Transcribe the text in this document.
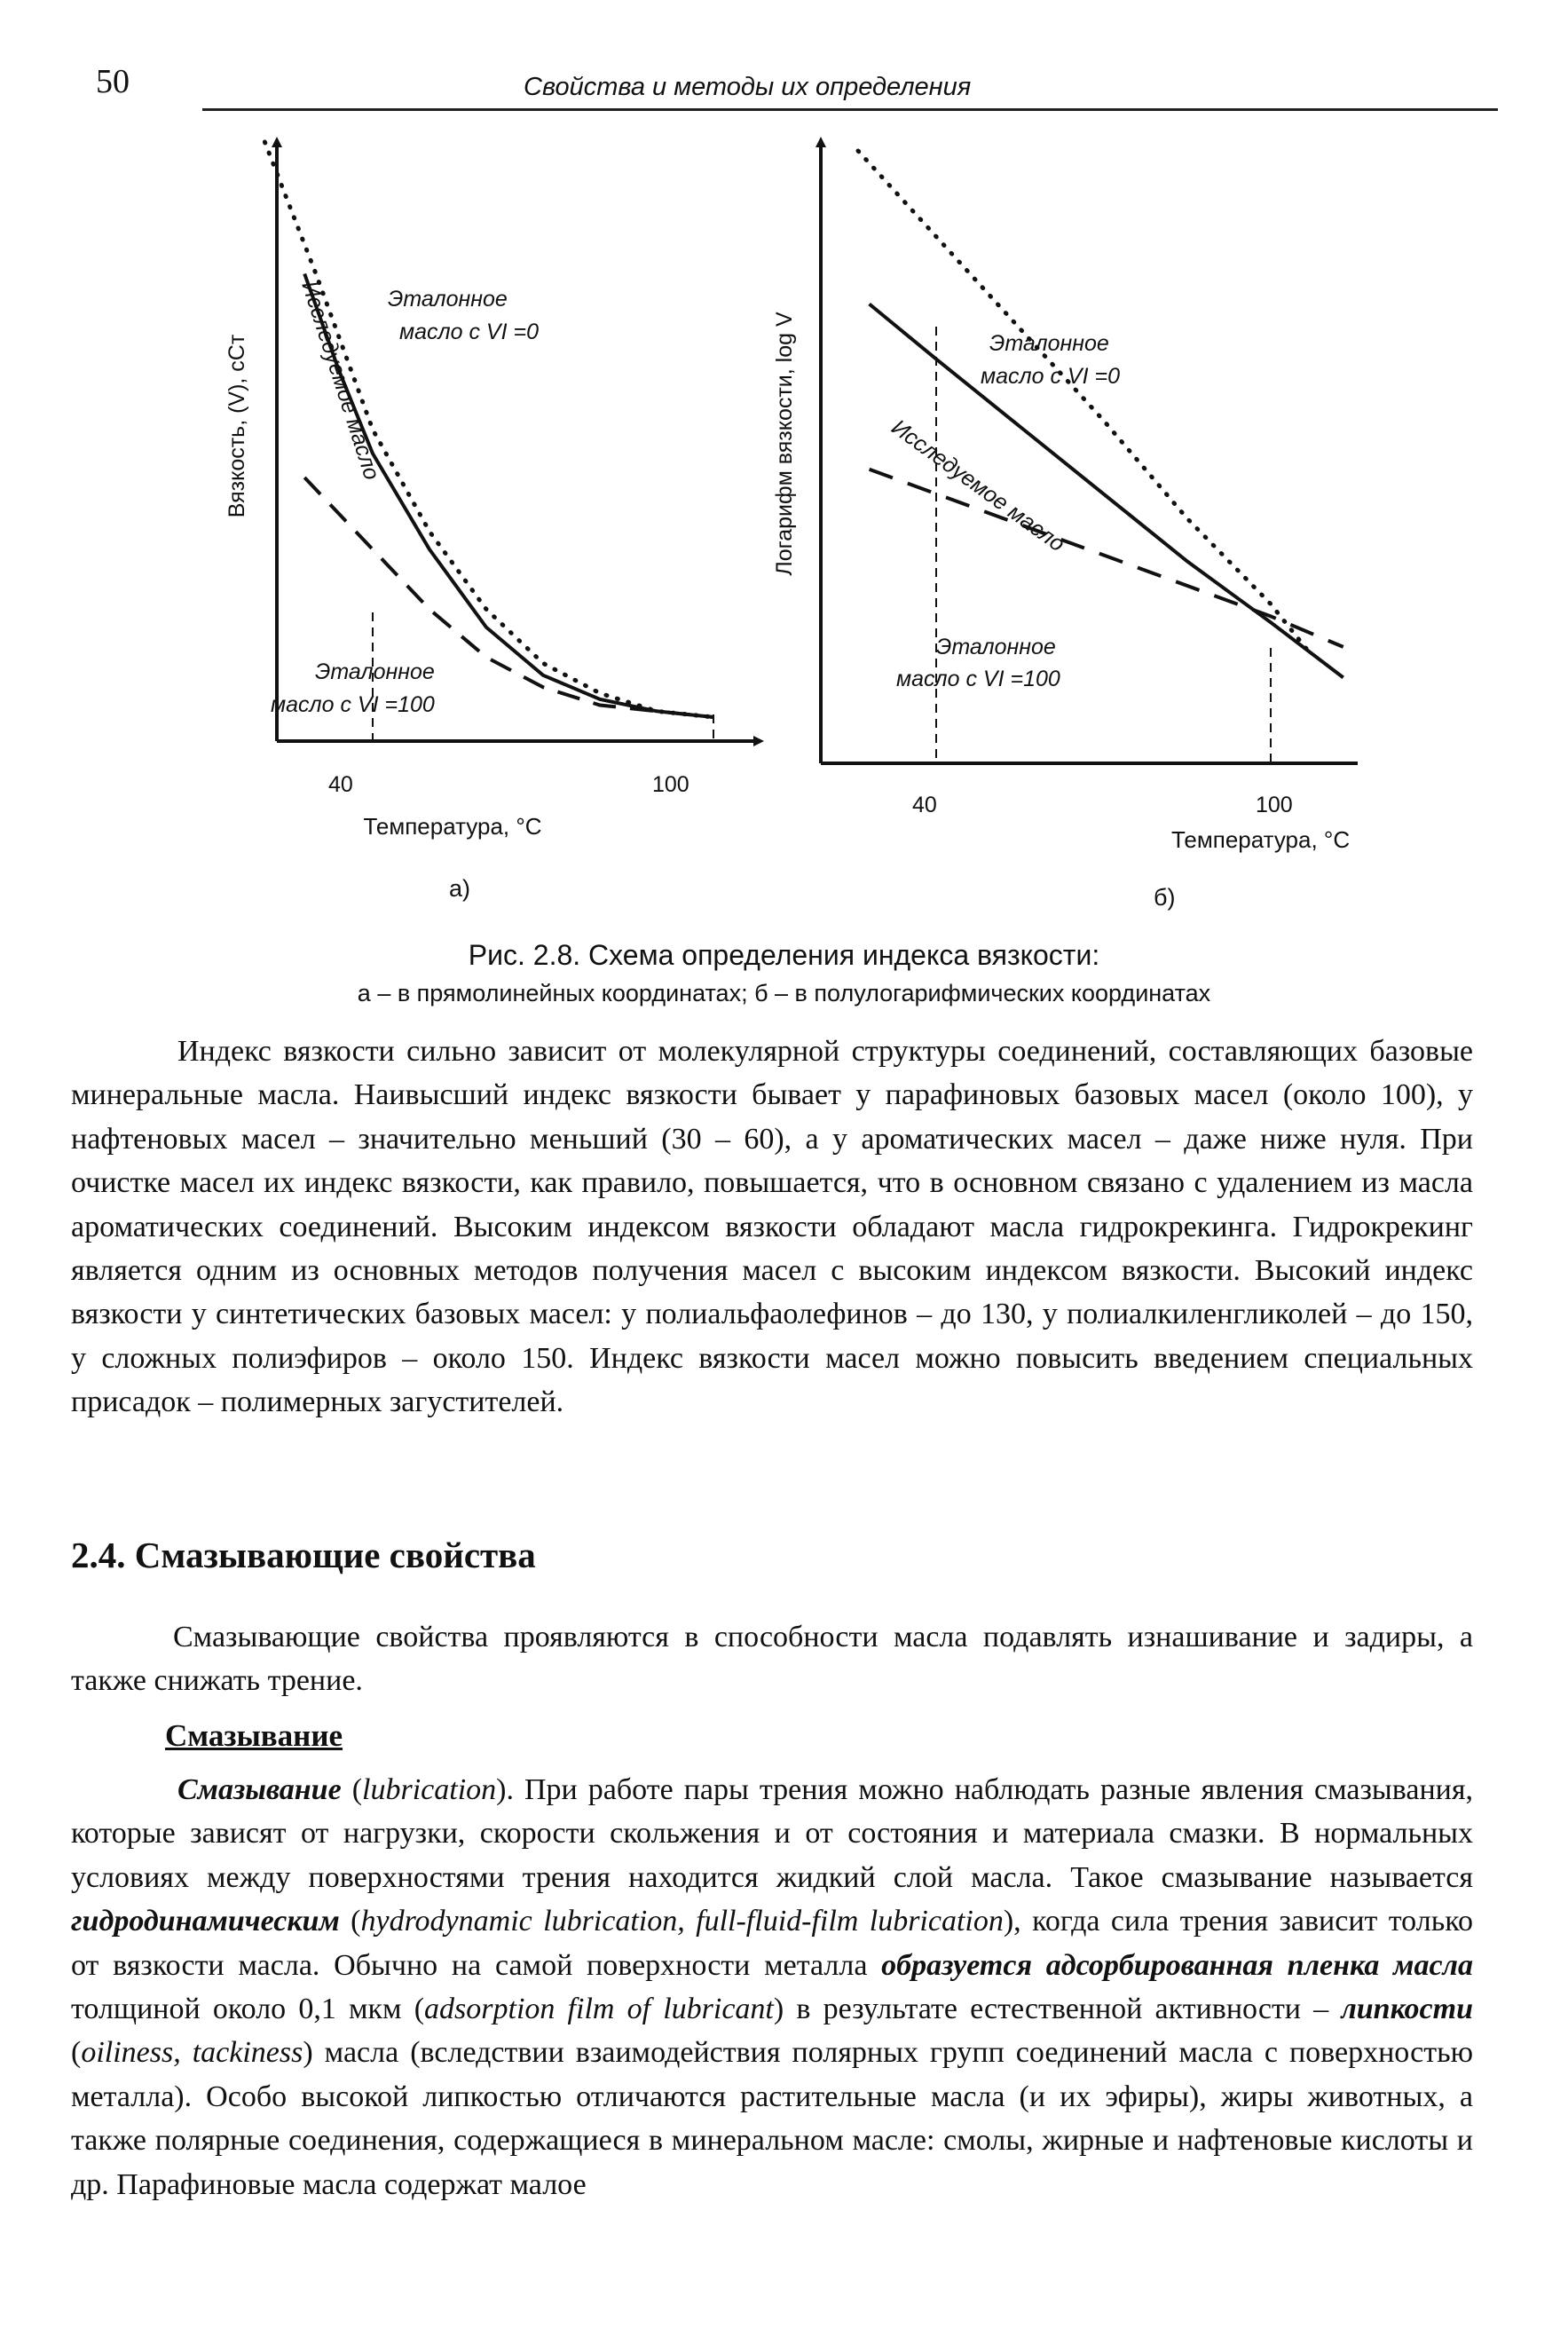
50	Свойства и методы их определения
Вязкость, (V), сСт
Эталонное
масло с VI =0
Исследуемое масло
Эталонное
масло с VI =100
40	100
Температура, °С
а)
Логарифм вязкости, log V	Эталонное
масло с VI =0
Исследуемое масло
Эталонное
масло с VI =100
40	100
Температура, °С
б)
Рис. 2.8. Схема определения индекса вязкости:
а – в прямолинейных координатах; б – в полулогарифмических координатах
Индекс вязкости сильно зависит от молекулярной структуры соединений, составляющих базовые минеральные масла. Наивысший индекс вязкости бывает у парафиновых базовых масел (около 100), у нафтеновых масел – значительно меньший (30 – 60), а у ароматических масел – даже ниже нуля. При очистке масел их индекс вязкости, как правило, повышается, что в основном связано с удалением из масла ароматических соединений. Высоким индексом вязкости обладают масла гидрокрекинга. Гидрокрекинг является одним из основных методов получения масел с высоким индексом вязкости. Высокий индекс вязкости у синтетических базовых масел: у полиальфаолефинов – до 130, у полиалкиленгликолей – до 150, у сложных полиэфиров – около 150. Индекс вязкости масел можно повысить введением специальных присадок – полимерных загустителей.
2.4. Смазывающие свойства
Смазывающие свойства проявляются в способности масла подавлять изнашивание и задиры, а также снижать трение.
Смазывание
Смазывание (lubrication). При работе пары трения можно наблюдать разные явления смазывания, которые зависят от нагрузки, скорости скольжения и от состояния и материала смазки. В нормальных условиях между поверхностями трения находится жидкий слой масла. Такое смазывание называется гидродинамическим (hydrodynamic lubrication, full-fluid-film lubrication), когда сила трения зависит только от вязкости масла. Обычно на самой поверхности металла образуется адсорбированная пленка масла толщиной около 0,1 мкм (adsorption film of lubricant) в результате естественной активности – липкости (oiliness, tackiness) масла (вследствии взаимодействия полярных групп соединений масла с поверхностью металла). Особо высокой липкостью отличаются растительные масла (и их эфиры), жиры животных, а также полярные соединения, содержащиеся в минеральном масле: смолы, жирные и нафтеновые кислоты и др. Парафиновые масла содержат малое
